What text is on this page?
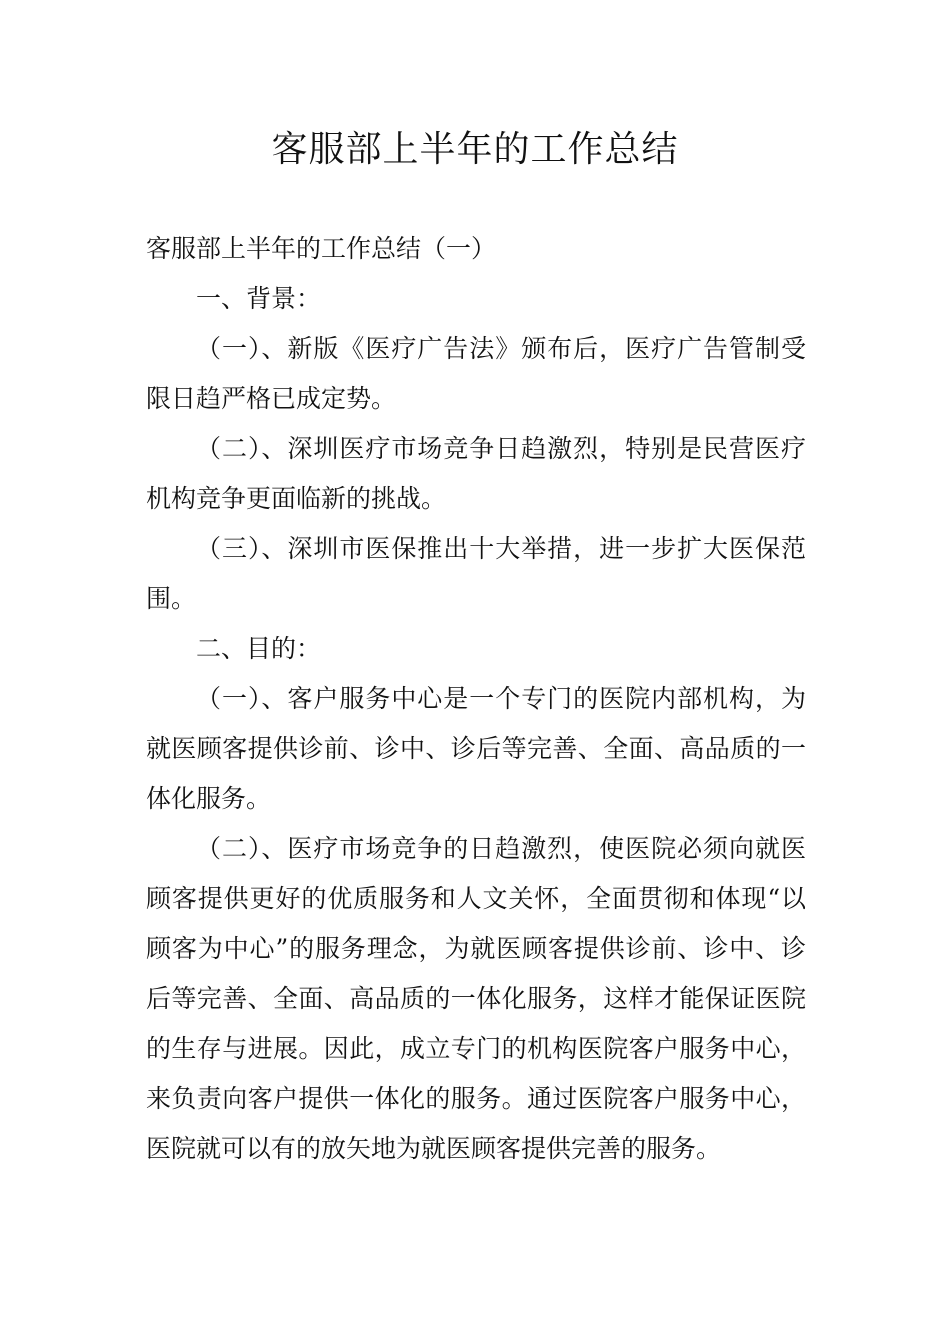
客服部上半年的工作总结

客服部上半年的工作总结（一）

一、背景：

（一）、新版《医疗广告法》颁布后，医疗广告管制受限日趋严格已成定势。

（二）、深圳医疗市场竞争日趋激烈，特别是民营医疗机构竞争更面临新的挑战。

（三）、深圳市医保推出十大举措，进一步扩大医保范围。

二、目的：

（一）、客户服务中心是一个专门的医院内部机构，为就医顾客提供诊前、诊中、诊后等完善、全面、高品质的一体化服务。

（二）、医疗市场竞争的日趋激烈，使医院必须向就医顾客提供更好的优质服务和人文关怀，全面贯彻和体现“以顾客为中心”的服务理念，为就医顾客提供诊前、诊中、诊后等完善、全面、高品质的一体化服务，这样才能保证医院的生存与进展。因此，成立专门的机构医院客户服务中心，来负责向客户提供一体化的服务。通过医院客户服务中心，医院就可以有的放矢地为就医顾客提供完善的服务。
